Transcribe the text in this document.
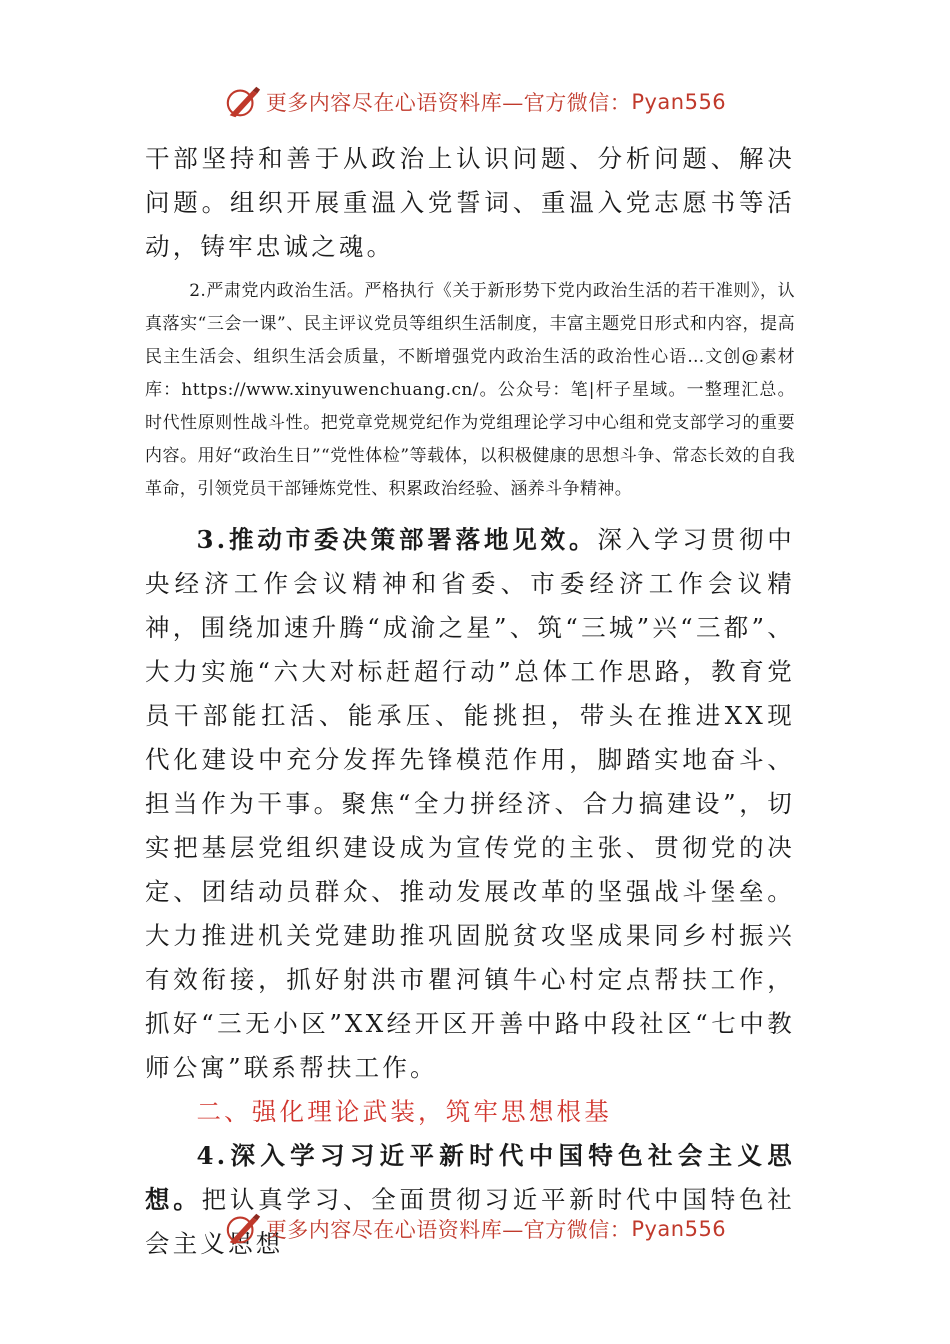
更多内容尽在心语资料库—官方微信： Pyan556

干部坚持和善于从政治上认识问题、分析问题、解决问题。组织开展重温入党誓词、重温入党志愿书等活动，铸牢忠诚之魂。

2.严肃党内政治生活。严格执行《关于新形势下党内政治生活的若干准则》，认真落实“三会一课”、民主评议党员等组织生活制度，丰富主题党日形式和内容，提高民主生活会、组织生活会质量，不断增强党内政治生活的政治性心语…文创@素材库：https://www.xinyuwenchuang.cn/。公众号：笔|杆子星域。一整理汇总。时代性原则性战斗性。把党章党规党纪作为党组理论学习中心组和党支部学习的重要内容。用好“政治生日”“党性体检”等载体，以积极健康的思想斗争、常态长效的自我革命，引领党员干部锤炼党性、积累政治经验、涵养斗争精神。

3.推动市委决策部署落地见效。深入学习贯彻中央经济工作会议精神和省委、市委经济工作会议精神，围绕加速升腾“成渝之星”、筑“三城”兴“三都”、大力实施“六大对标赶超行动”总体工作思路，教育党员干部能扛活、能承压、能挑担，带头在推进XX现代化建设中充分发挥先锋模范作用，脚踏实地奋斗、担当作为干事。聚焦“全力拼经济、合力搞建设”，切实把基层党组织建设成为宣传党的主张、贯彻党的决定、团结动员群众、推动发展改革的坚强战斗堡垒。大力推进机关党建助推巩固脱贫攻坚成果同乡村振兴有效衔接，抓好射洪市瞿河镇牛心村定点帮扶工作，抓好“三无小区”XX经开区开善中路中段社区“七中教师公寓”联系帮扶工作。

二、强化理论武装，筑牢思想根基

4.深入学习习近平新时代中国特色社会主义思想。把认真学习、全面贯彻习近平新时代中国特色社会主义思想

更多内容尽在心语资料库—官方微信： Pyan556
